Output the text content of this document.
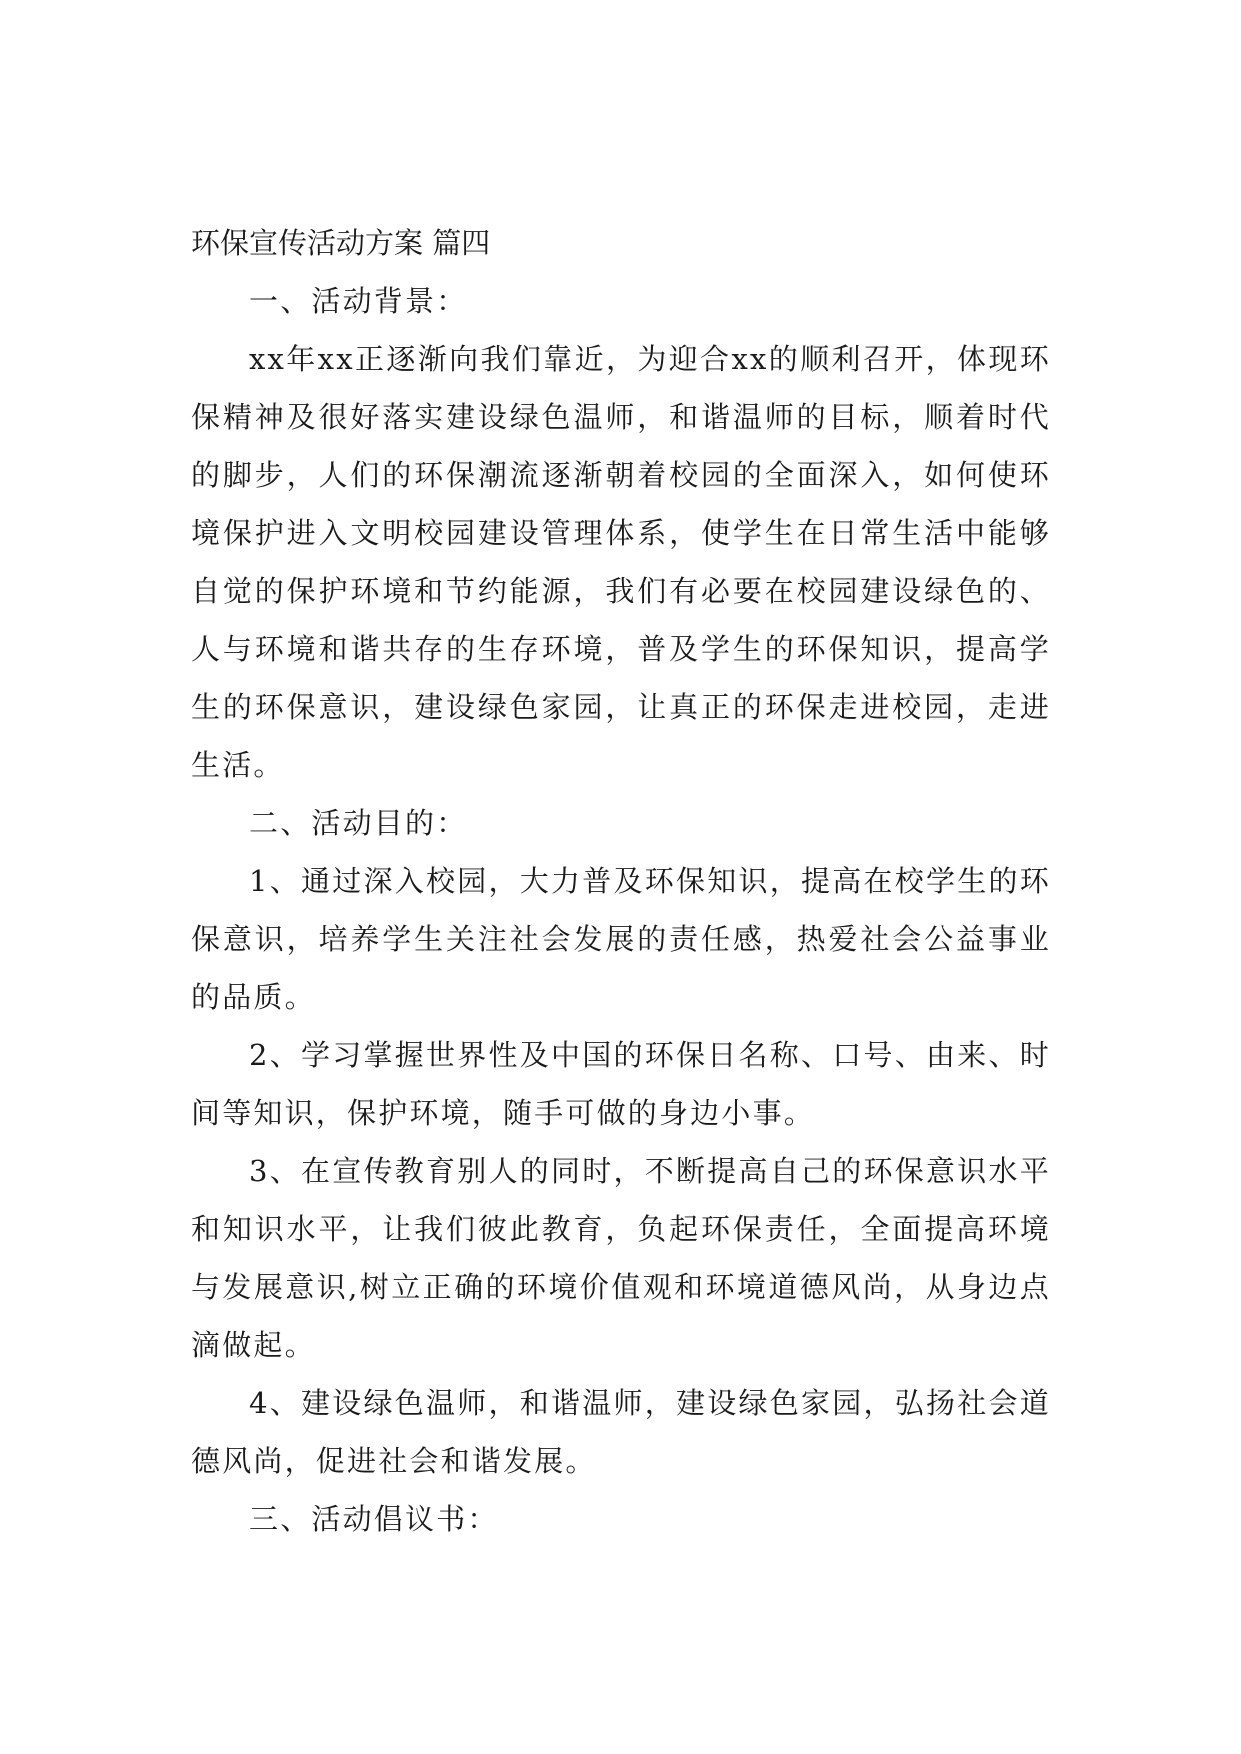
环保宣传活动方案 篇四
一、活动背景：
xx年xx正逐渐向我们靠近，为迎合xx的顺利召开，体现环保精神及很好落实建设绿色温师，和谐温师的目标，顺着时代的脚步，人们的环保潮流逐渐朝着校园的全面深入，如何使环境保护进入文明校园建设管理体系，使学生在日常生活中能够自觉的保护环境和节约能源，我们有必要在校园建设绿色的、人与环境和谐共存的生存环境，普及学生的环保知识，提高学生的环保意识，建设绿色家园，让真正的环保走进校园，走进生活。
二、活动目的：
1、通过深入校园，大力普及环保知识，提高在校学生的环保意识，培养学生关注社会发展的责任感，热爱社会公益事业的品质。
2、学习掌握世界性及中国的环保日名称、口号、由来、时间等知识，保护环境，随手可做的身边小事。
3、在宣传教育别人的同时，不断提高自己的环保意识水平和知识水平，让我们彼此教育，负起环保责任，全面提高环境与发展意识,树立正确的环境价值观和环境道德风尚，从身边点滴做起。
4、建设绿色温师，和谐温师，建设绿色家园，弘扬社会道德风尚，促进社会和谐发展。
三、活动倡议书：
